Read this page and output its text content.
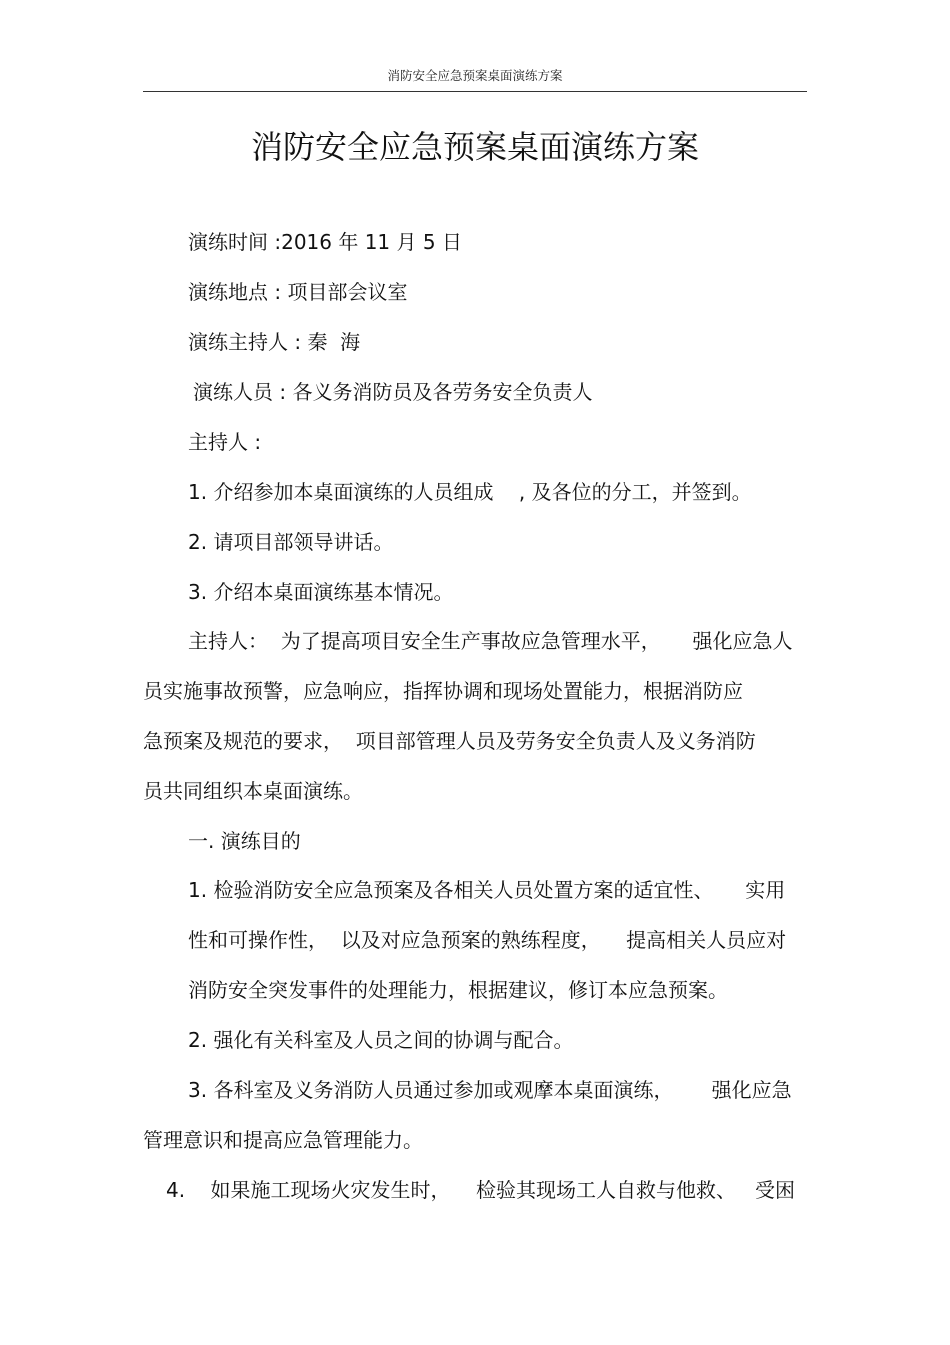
消防安全应急预案桌面演练方案
消防安全应急预案桌面演练方案
演练时间 :2016 年 11 月 5 日
演练地点 : 项目部会议室
演练主持人 : 秦  海
演练人员 : 各义务消防员及各劳务安全负责人
主持人 :
1. 介绍参加本桌面演练的人员组成    , 及各位的分工，并签到。
2. 请项目部领导讲话。
3. 介绍本桌面演练基本情况。
主持人：  为了提高项目安全生产事故应急管理水平，     强化应急人
员实施事故预警，应急响应，指挥协调和现场处置能力，根据消防应
急预案及规范的要求，  项目部管理人员及劳务安全负责人及义务消防
员共同组织本桌面演练。
一. 演练目的
1. 检验消防安全应急预案及各相关人员处置方案的适宜性、     实用
性和可操作性，  以及对应急预案的熟练程度，    提高相关人员应对
消防安全突发事件的处理能力，根据建议，修订本应急预案。
2. 强化有关科室及人员之间的协调与配合。
3. 各科室及义务消防人员通过参加或观摩本桌面演练，      强化应急
管理意识和提高应急管理能力。
4.    如果施工现场火灾发生时，    检验其现场工人自救与他救、   受困
